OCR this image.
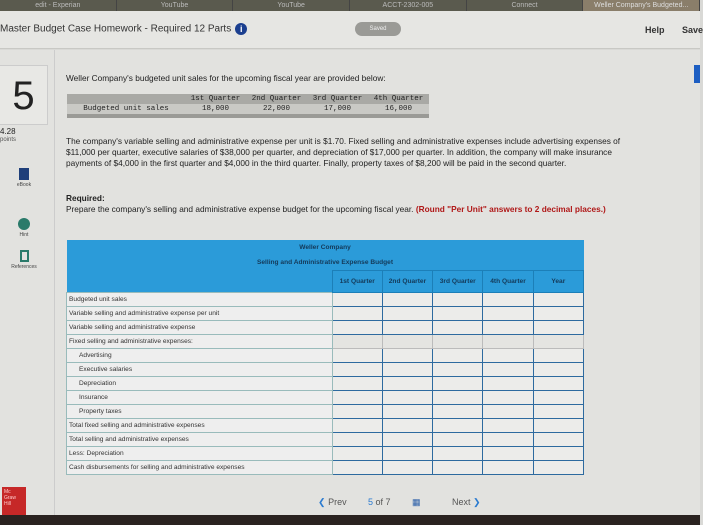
edit - Experian	YouTube	YouTube	ACCT-2302-005	Connect	Weller Company's Budgeted...
Master Budget Case Homework - Required 12 Parts i	Saved	Help Save
5
4.28
points
eBook
Hint
References
Weller Company's budgeted unit sales for the upcoming fiscal year are provided below:
1st Quarter	2nd Quarter	3rd Quarter	4th Quarter
Budgeted unit sales	18,000	22,000	17,000	16,000
The company's variable selling and administrative expense per unit is $1.70. Fixed selling and administrative expenses include advertising expenses of $11,000 per quarter, executive salaries of $38,000 per quarter, and depreciation of $17,000 per quarter. In addition, the company will make insurance payments of $4,000 in the first quarter and $4,000 in the third quarter. Finally, property taxes of $8,200 will be paid in the second quarter.
Required:
Prepare the company's selling and administrative expense budget for the upcoming fiscal year. (Round "Per Unit" answers to 2 decimal places.)
Weller Company					
Selling and Administrative Expense Budget					
	1st Quarter	2nd Quarter	3rd Quarter	4th Quarter	Year
Budgeted unit sales					
Variable selling and administrative expense per unit					
Variable selling and administrative expense					
Fixed selling and administrative expenses:					
Advertising					
Executive salaries					
Depreciation					
Insurance					
Property taxes					
Total fixed selling and administrative expenses					
Total selling and administrative expenses					
Less: Depreciation					
Cash disbursements for selling and administrative expenses					
❮ Prev 5 of 7 ▦	Next ❯
Mc
Graw
Hill
